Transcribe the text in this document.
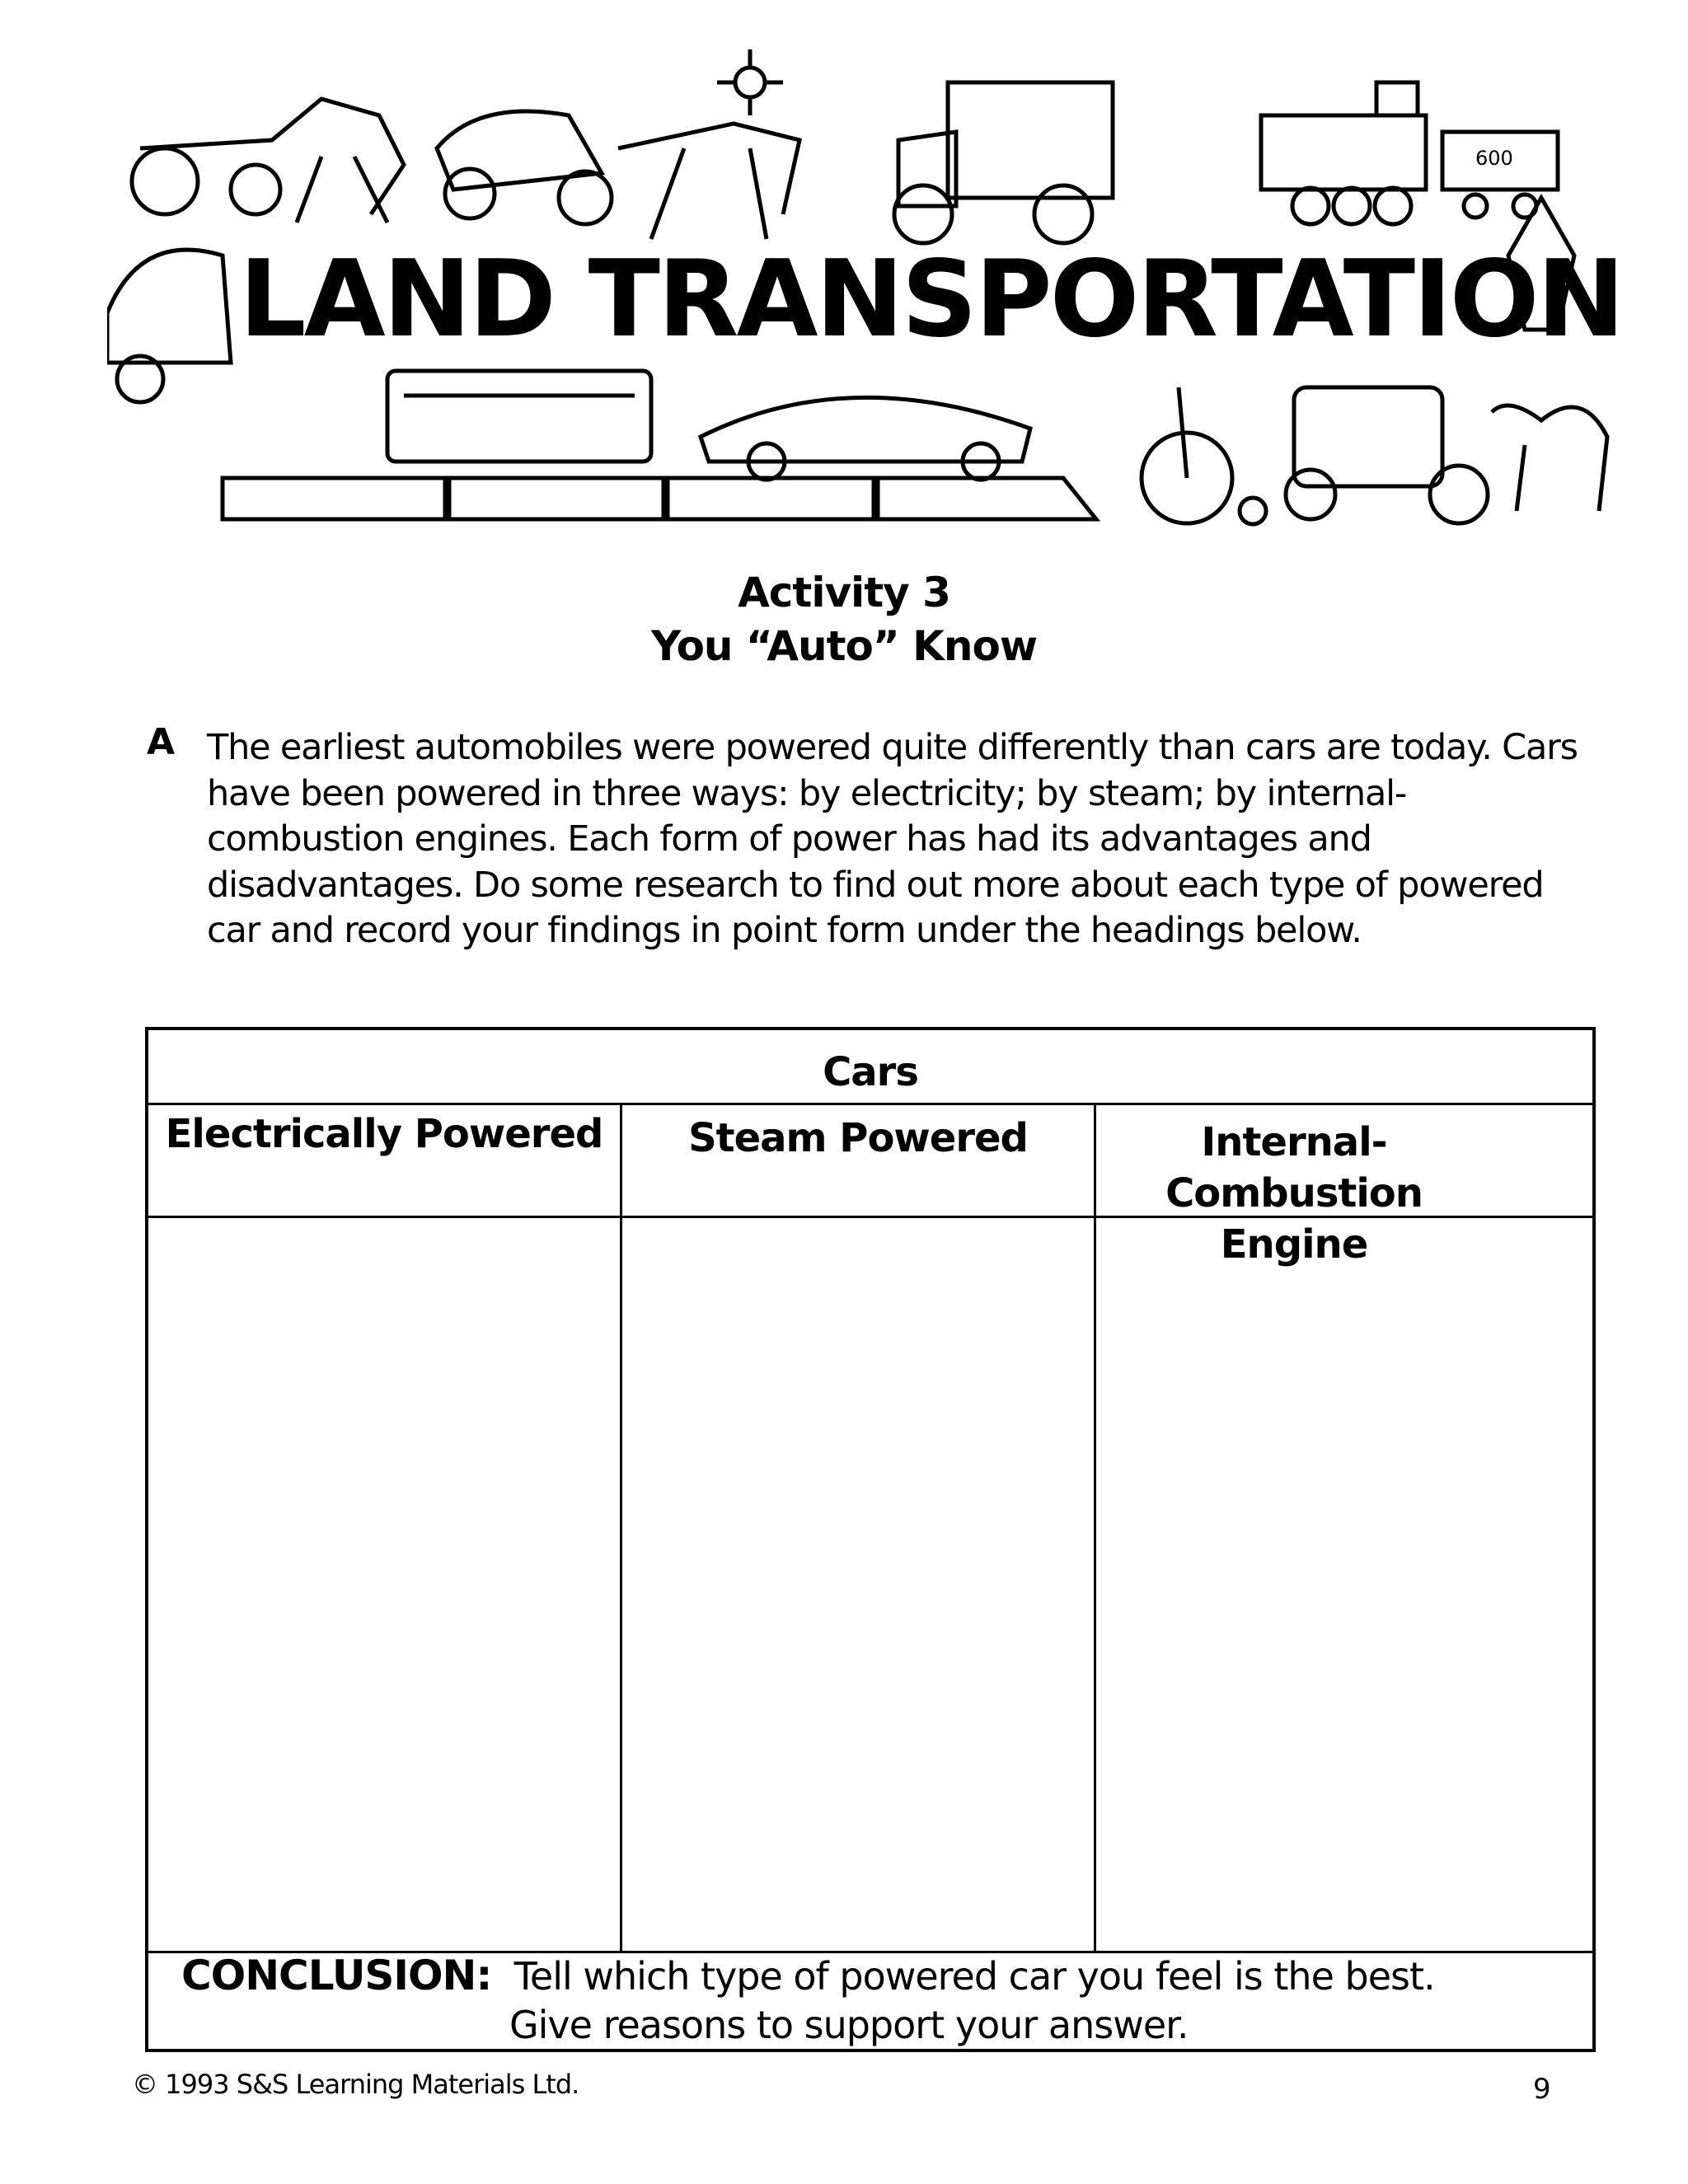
600
LAND TRANSPORTATION
Activity 3
You “Auto” Know
A The earliest automobiles were powered quite differently than cars are today. Cars have been powered in three ways: by electricity; by steam; by internal-combustion engines. Each form of power has had its advantages and disadvantages. Do some research to find out more about each type of powered car and record your findings in point form under the headings below.
Cars
Electrically Powered	Steam Powered	Internal-Combustion Engine
CONCLUSION: Tell which type of powered car you feel is the best.
Give reasons to support your answer.
© 1993 S&S Learning Materials Ltd.	9
